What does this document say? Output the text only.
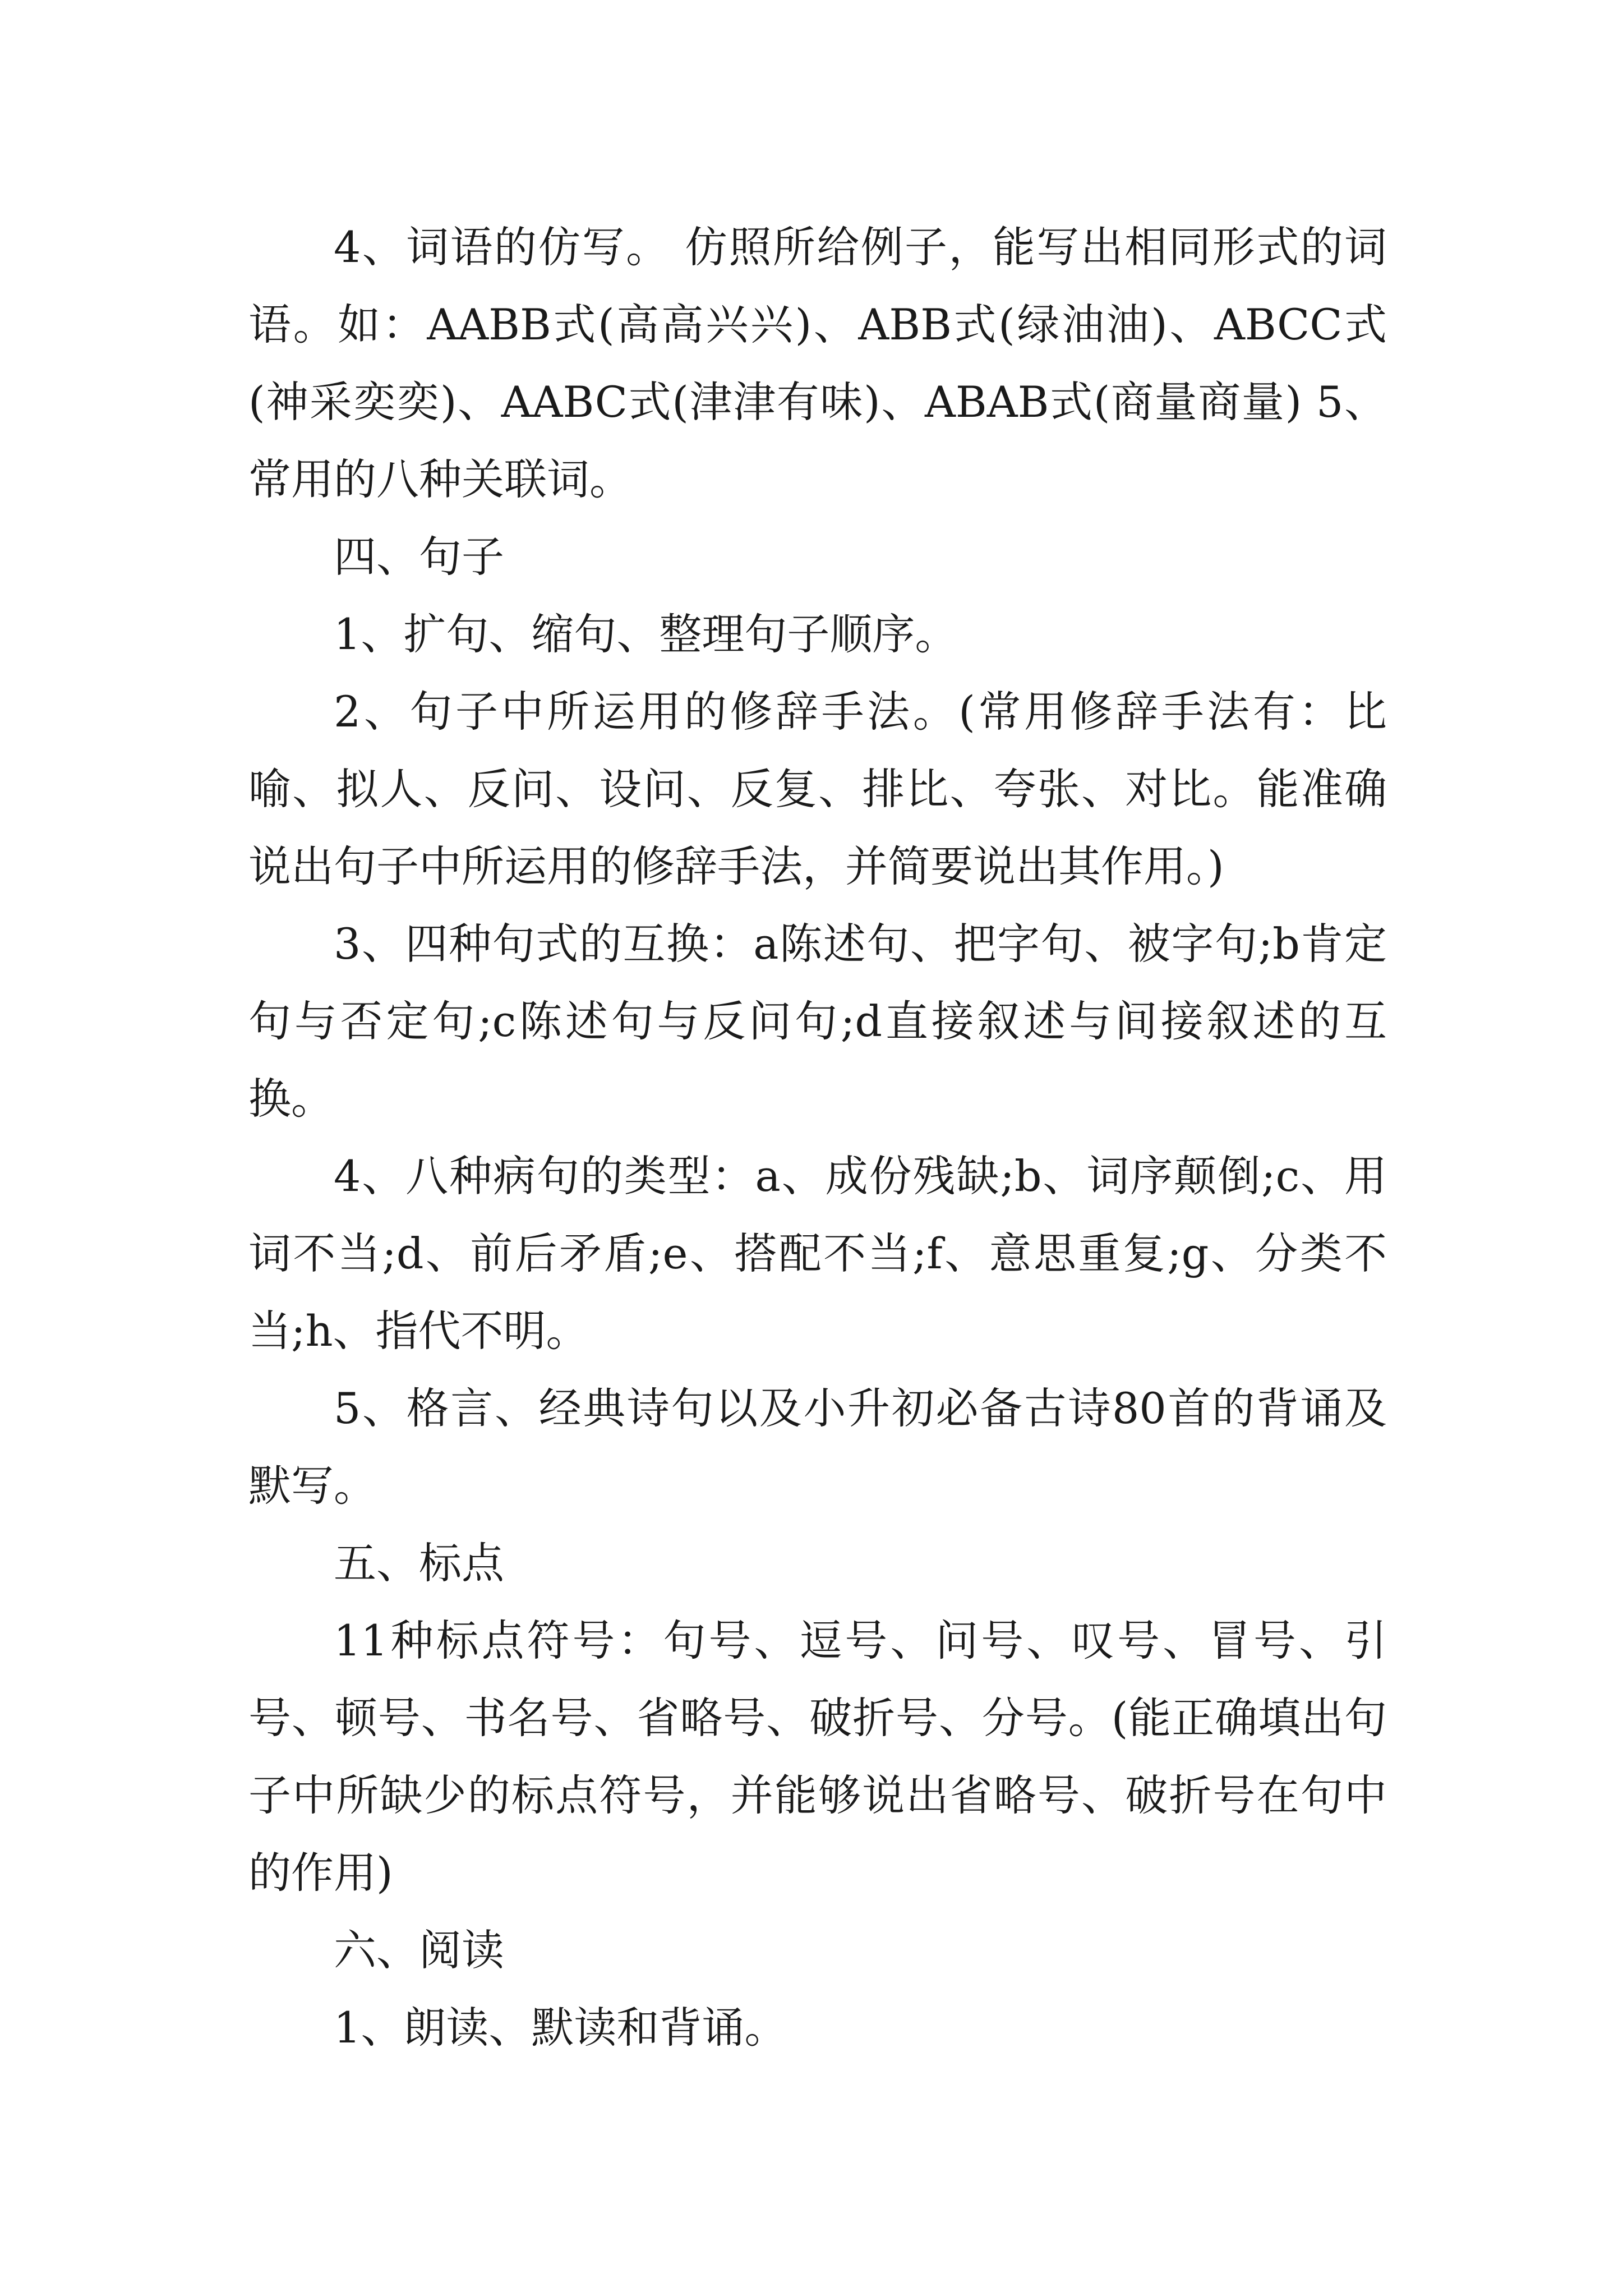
4、词语的仿写。 仿照所给例子，能写出相同形式的词语。如：AABB式(高高兴兴)、ABB式(绿油油)、ABCC式(神采奕奕)、AABC式(津津有味)、ABAB式(商量商量) 5、常用的八种关联词。

四、句子

1、扩句、缩句、整理句子顺序。

2、句子中所运用的修辞手法。(常用修辞手法有：比喻、拟人、反问、设问、反复、排比、夸张、对比。能准确说出句子中所运用的修辞手法，并简要说出其作用。)

3、四种句式的互换：a陈述句、把字句、被字句;b肯定句与否定句;c陈述句与反问句;d直接叙述与间接叙述的互换。

4、八种病句的类型：a、成份残缺;b、词序颠倒;c、用词不当;d、前后矛盾;e、搭配不当;f、意思重复;g、分类不当;h、指代不明。

5、格言、经典诗句以及小升初必备古诗80首的背诵及默写。

五、标点

11种标点符号：句号、逗号、问号、叹号、冒号、引号、顿号、书名号、省略号、破折号、分号。(能正确填出句子中所缺少的标点符号，并能够说出省略号、破折号在句中的作用)

六、阅读

1、朗读、默读和背诵。
